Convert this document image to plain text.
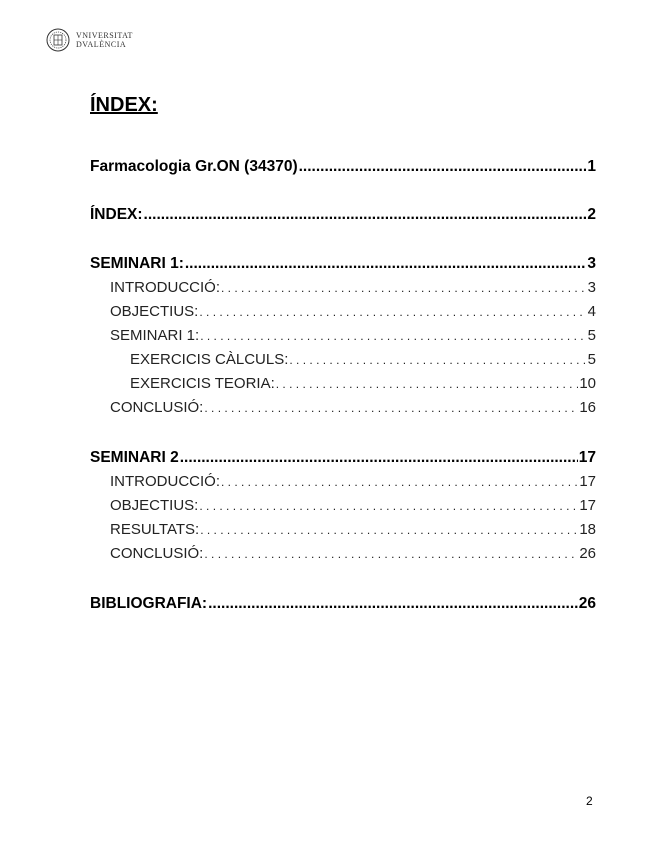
VNIVERSITAT
DVALÈNCIA
ÍNDEX:
Farmacologia Gr.ON (34370) .....	1
ÍNDEX: .....	2
SEMINARI 1: .....	3
INTRODUCCIÓ: . . .	3
OBJECTIUS: . . .	4
SEMINARI 1: . . .	5
EXERCICIS CÀLCULS: . . .	5
EXERCICIS TEORIA: . . .	10
CONCLUSIÓ: . . .	16
SEMINARI 2 .....	17
INTRODUCCIÓ: . . .	17
OBJECTIUS: . . .	17
RESULTATS: . . .	18
CONCLUSIÓ: . . .	26
BIBLIOGRAFIA: .....	26
2
